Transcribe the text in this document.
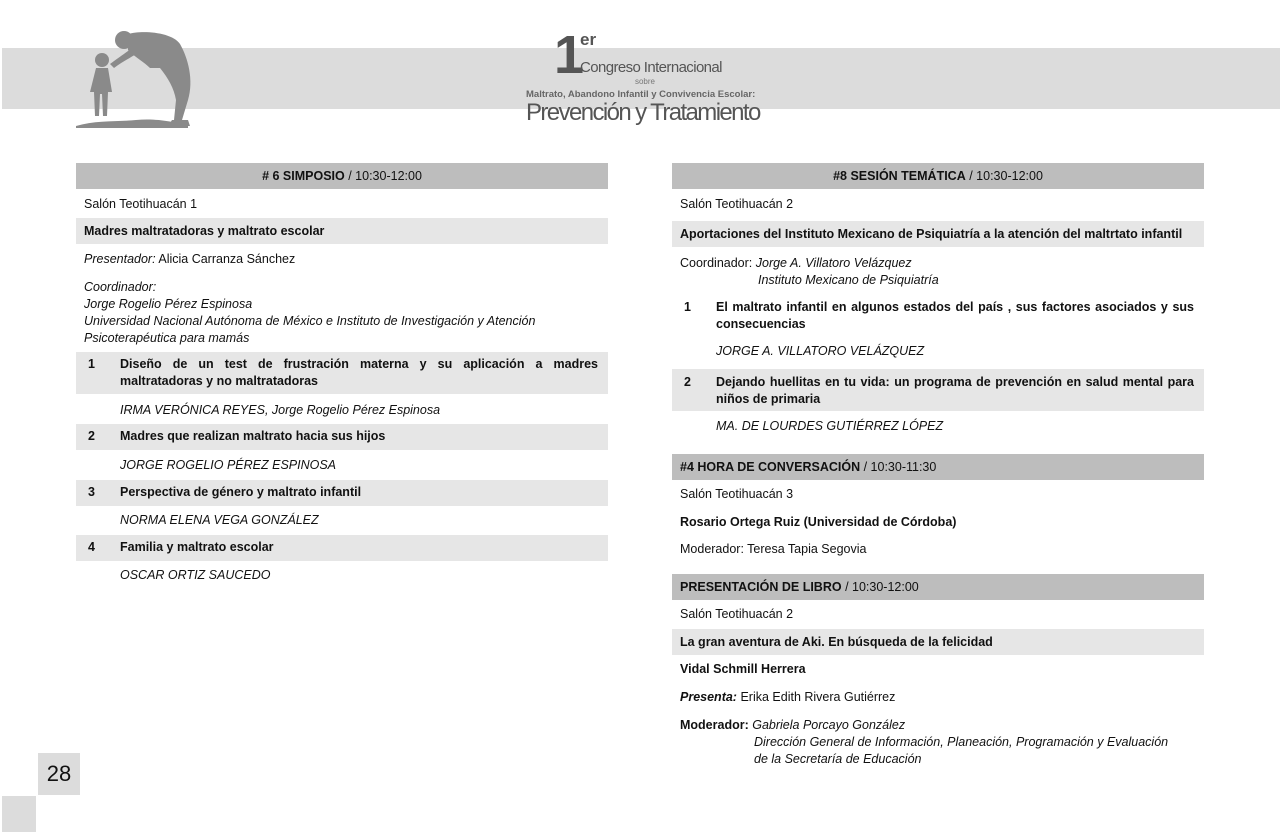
1
er
Congreso Internacional
sobre
Maltrato, Abandono Infantil y Convivencia Escolar:
Prevención y Tratamiento
# 6 SIMPOSIO / 10:30-12:00
Salón Teotihuacán 1
Madres maltratadoras y maltrato escolar
Presentador: Alicia Carranza Sánchez
Coordinador:
Jorge Rogelio Pérez Espinosa
Universidad Nacional Autónoma de México e Instituto de Investigación y Atención
Psicoterapéutica para mamás
1 Diseño de un test de frustración materna y su aplicación a madres maltratadoras y no maltratadoras
IRMA VERÓNICA REYES, Jorge Rogelio Pérez Espinosa
2 Madres que realizan maltrato hacia sus hijos
JORGE ROGELIO PÉREZ ESPINOSA
3 Perspectiva de género y maltrato infantil
NORMA ELENA VEGA GONZÁLEZ
4 Familia y maltrato escolar
OSCAR ORTIZ SAUCEDO
#8 SESIÓN TEMÁTICA / 10:30-12:00
Salón Teotihuacán 2
Aportaciones del Instituto Mexicano de Psiquiatría a la atención del maltrtato infantil
Coordinador: Jorge A. Villatoro Velázquez
Instituto Mexicano de Psiquiatría
1 El maltrato infantil en algunos estados del país , sus factores asociados y sus consecuencias
JORGE A. VILLATORO VELÁZQUEZ
2 Dejando huellitas en tu vida: un programa de prevención en salud mental para niños de primaria
MA. DE LOURDES GUTIÉRREZ LÓPEZ
#4 HORA DE CONVERSACIÓN / 10:30-11:30
Salón Teotihuacán 3
Rosario Ortega Ruiz (Universidad de Córdoba)
Moderador: Teresa Tapia Segovia
PRESENTACIÓN DE LIBRO / 10:30-12:00
Salón Teotihuacán 2
La gran aventura de Aki. En búsqueda de la felicidad
Vidal Schmill Herrera
Presenta: Erika Edith Rivera Gutiérrez
Moderador: Gabriela Porcayo González
Dirección General de Información, Planeación, Programación y Evaluación
de la Secretaría de Educación
28
